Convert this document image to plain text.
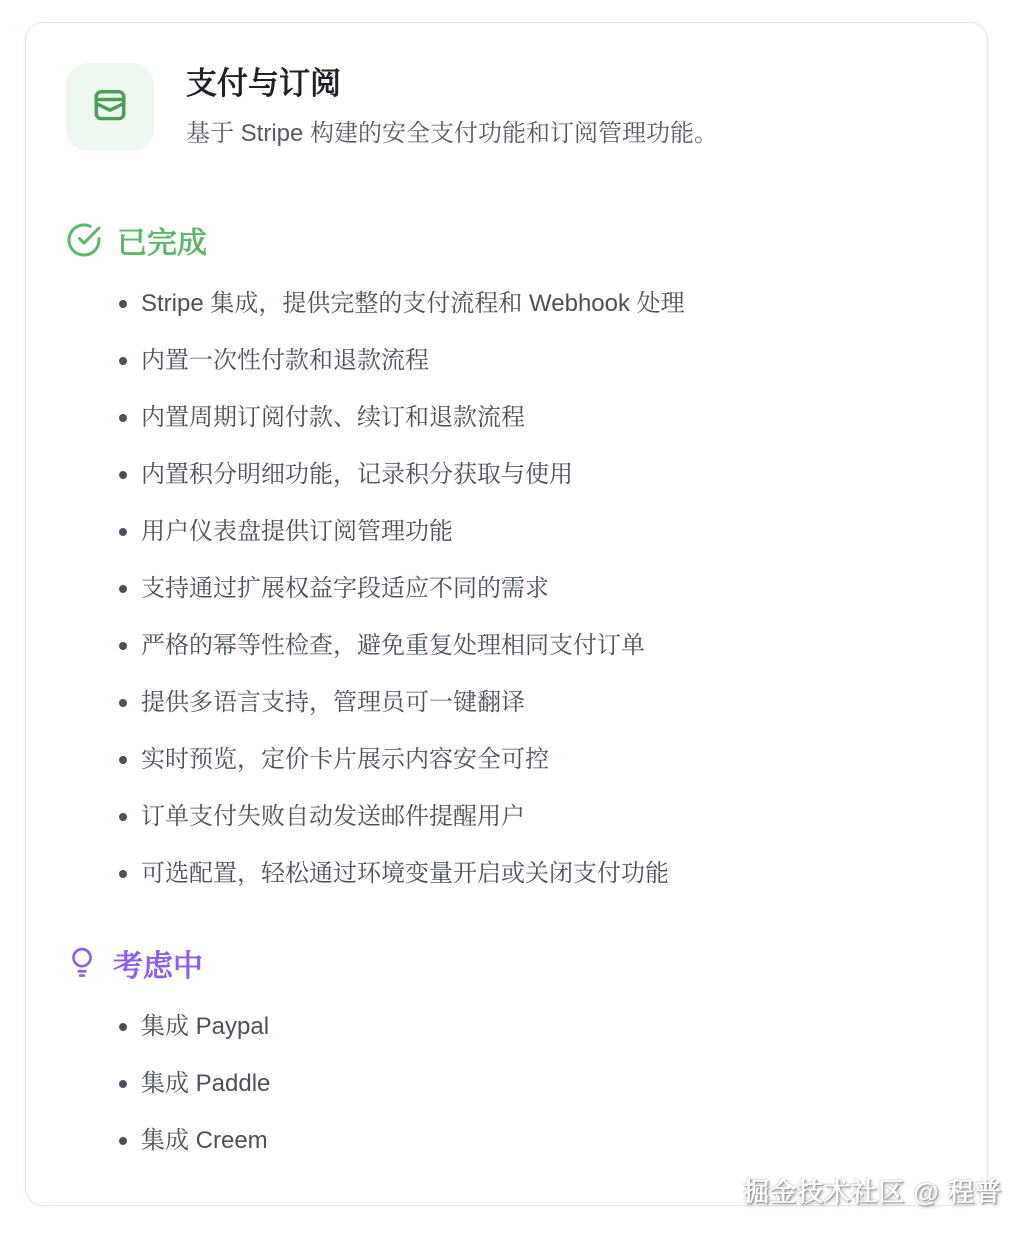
支付与订阅

基于 Stripe 构建的安全支付功能和订阅管理功能。

已完成
Stripe 集成，提供完整的支付流程和 Webhook 处理
内置一次性付款和退款流程
内置周期订阅付款、续订和退款流程
内置积分明细功能，记录积分获取与使用
用户仪表盘提供订阅管理功能
支持通过扩展权益字段适应不同的需求
严格的幂等性检查，避免重复处理相同支付订单
提供多语言支持，管理员可一键翻译
实时预览，定价卡片展示内容安全可控
订单支付失败自动发送邮件提醒用户
可选配置，轻松通过环境变量开启或关闭支付功能
考虑中
集成 Paypal
集成 Paddle
集成 Creem
掘金技术社区 @ 程普
